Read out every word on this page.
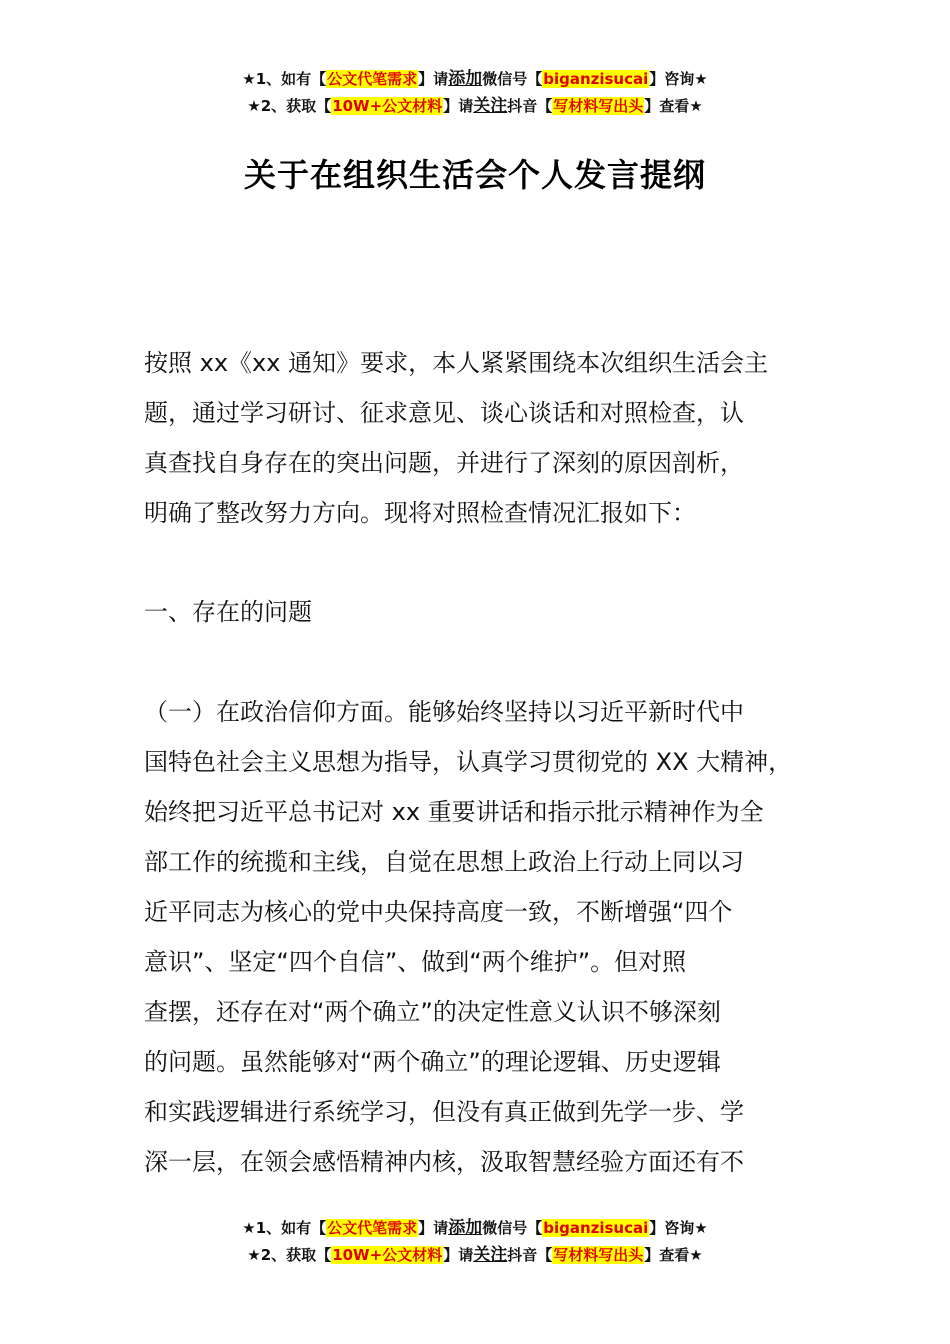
★1、如有【公文代笔需求】请添加微信号【biganzisucai】咨询★
★2、获取【10W+公文材料】请关注抖音【写材料写出头】查看★
关于在组织生活会个人发言提纲
按照 xx《xx 通知》要求，本人紧紧围绕本次组织生活会主
题，通过学习研讨、征求意见、谈心谈话和对照检查，认
真查找自身存在的突出问题，并进行了深刻的原因剖析，
明确了整改努力方向。现将对照检查情况汇报如下：
一、存在的问题
（一）在政治信仰方面。能够始终坚持以习近平新时代中
国特色社会主义思想为指导，认真学习贯彻党的 XX 大精神，
始终把习近平总书记对 xx 重要讲话和指示批示精神作为全
部工作的统揽和主线，自觉在思想上政治上行动上同以习
近平同志为核心的党中央保持高度一致，不断增强“四个
意识”、坚定“四个自信”、做到“两个维护”。但对照
查摆，还存在对“两个确立”的决定性意义认识不够深刻
的问题。虽然能够对“两个确立”的理论逻辑、历史逻辑
和实践逻辑进行系统学习，但没有真正做到先学一步、学
深一层，在领会感悟精神内核，汲取智慧经验方面还有不
★1、如有【公文代笔需求】请添加微信号【biganzisucai】咨询★
★2、获取【10W+公文材料】请关注抖音【写材料写出头】查看★
